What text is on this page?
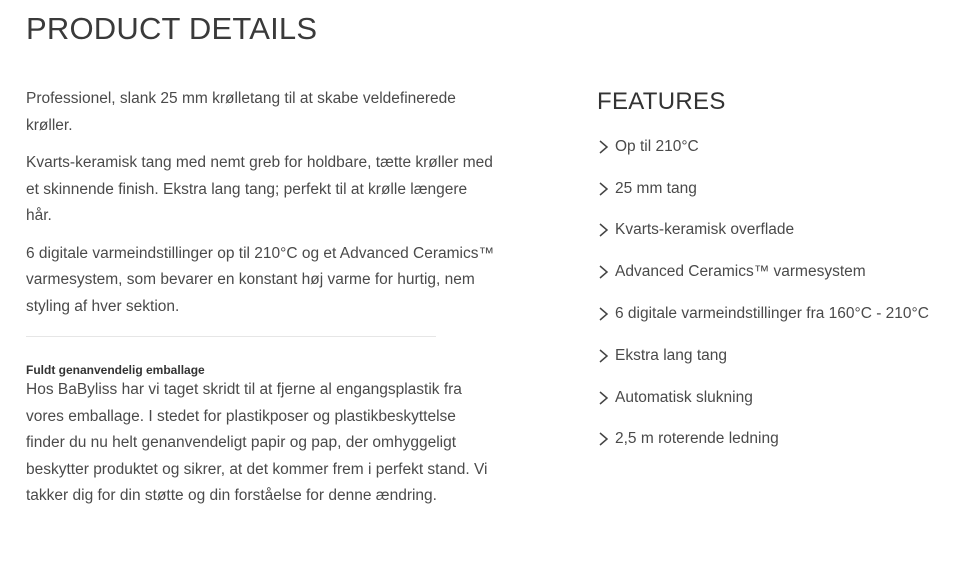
PRODUCT DETAILS

Professionel, slank 25 mm krølletang til at skabe veldefinerede krøller.

Kvarts-keramisk tang med nemt greb for holdbare, tætte krøller med et skinnende finish. Ekstra lang tang; perfekt til at krølle længere hår.

6 digitale varmeindstillinger op til 210°C og et Advanced Ceramics™ varmesystem, som bevarer en konstant høj varme for hurtig, nem styling af hver sektion.

Fuldt genanvendelig emballage

Hos BaByliss har vi taget skridt til at fjerne al engangsplastik fra vores emballage. I stedet for plastikposer og plastikbeskyttelse finder du nu helt genanvendeligt papir og pap, der omhyggeligt beskytter produktet og sikrer, at det kommer frem i perfekt stand. Vi takker dig for din støtte og din forståelse for denne ændring.

FEATURES
Op til 210°C
25 mm tang
Kvarts-keramisk overflade
Advanced Ceramics™ varmesystem
6 digitale varmeindstillinger fra 160°C - 210°C
Ekstra lang tang
Automatisk slukning
2,5 m roterende ledning
